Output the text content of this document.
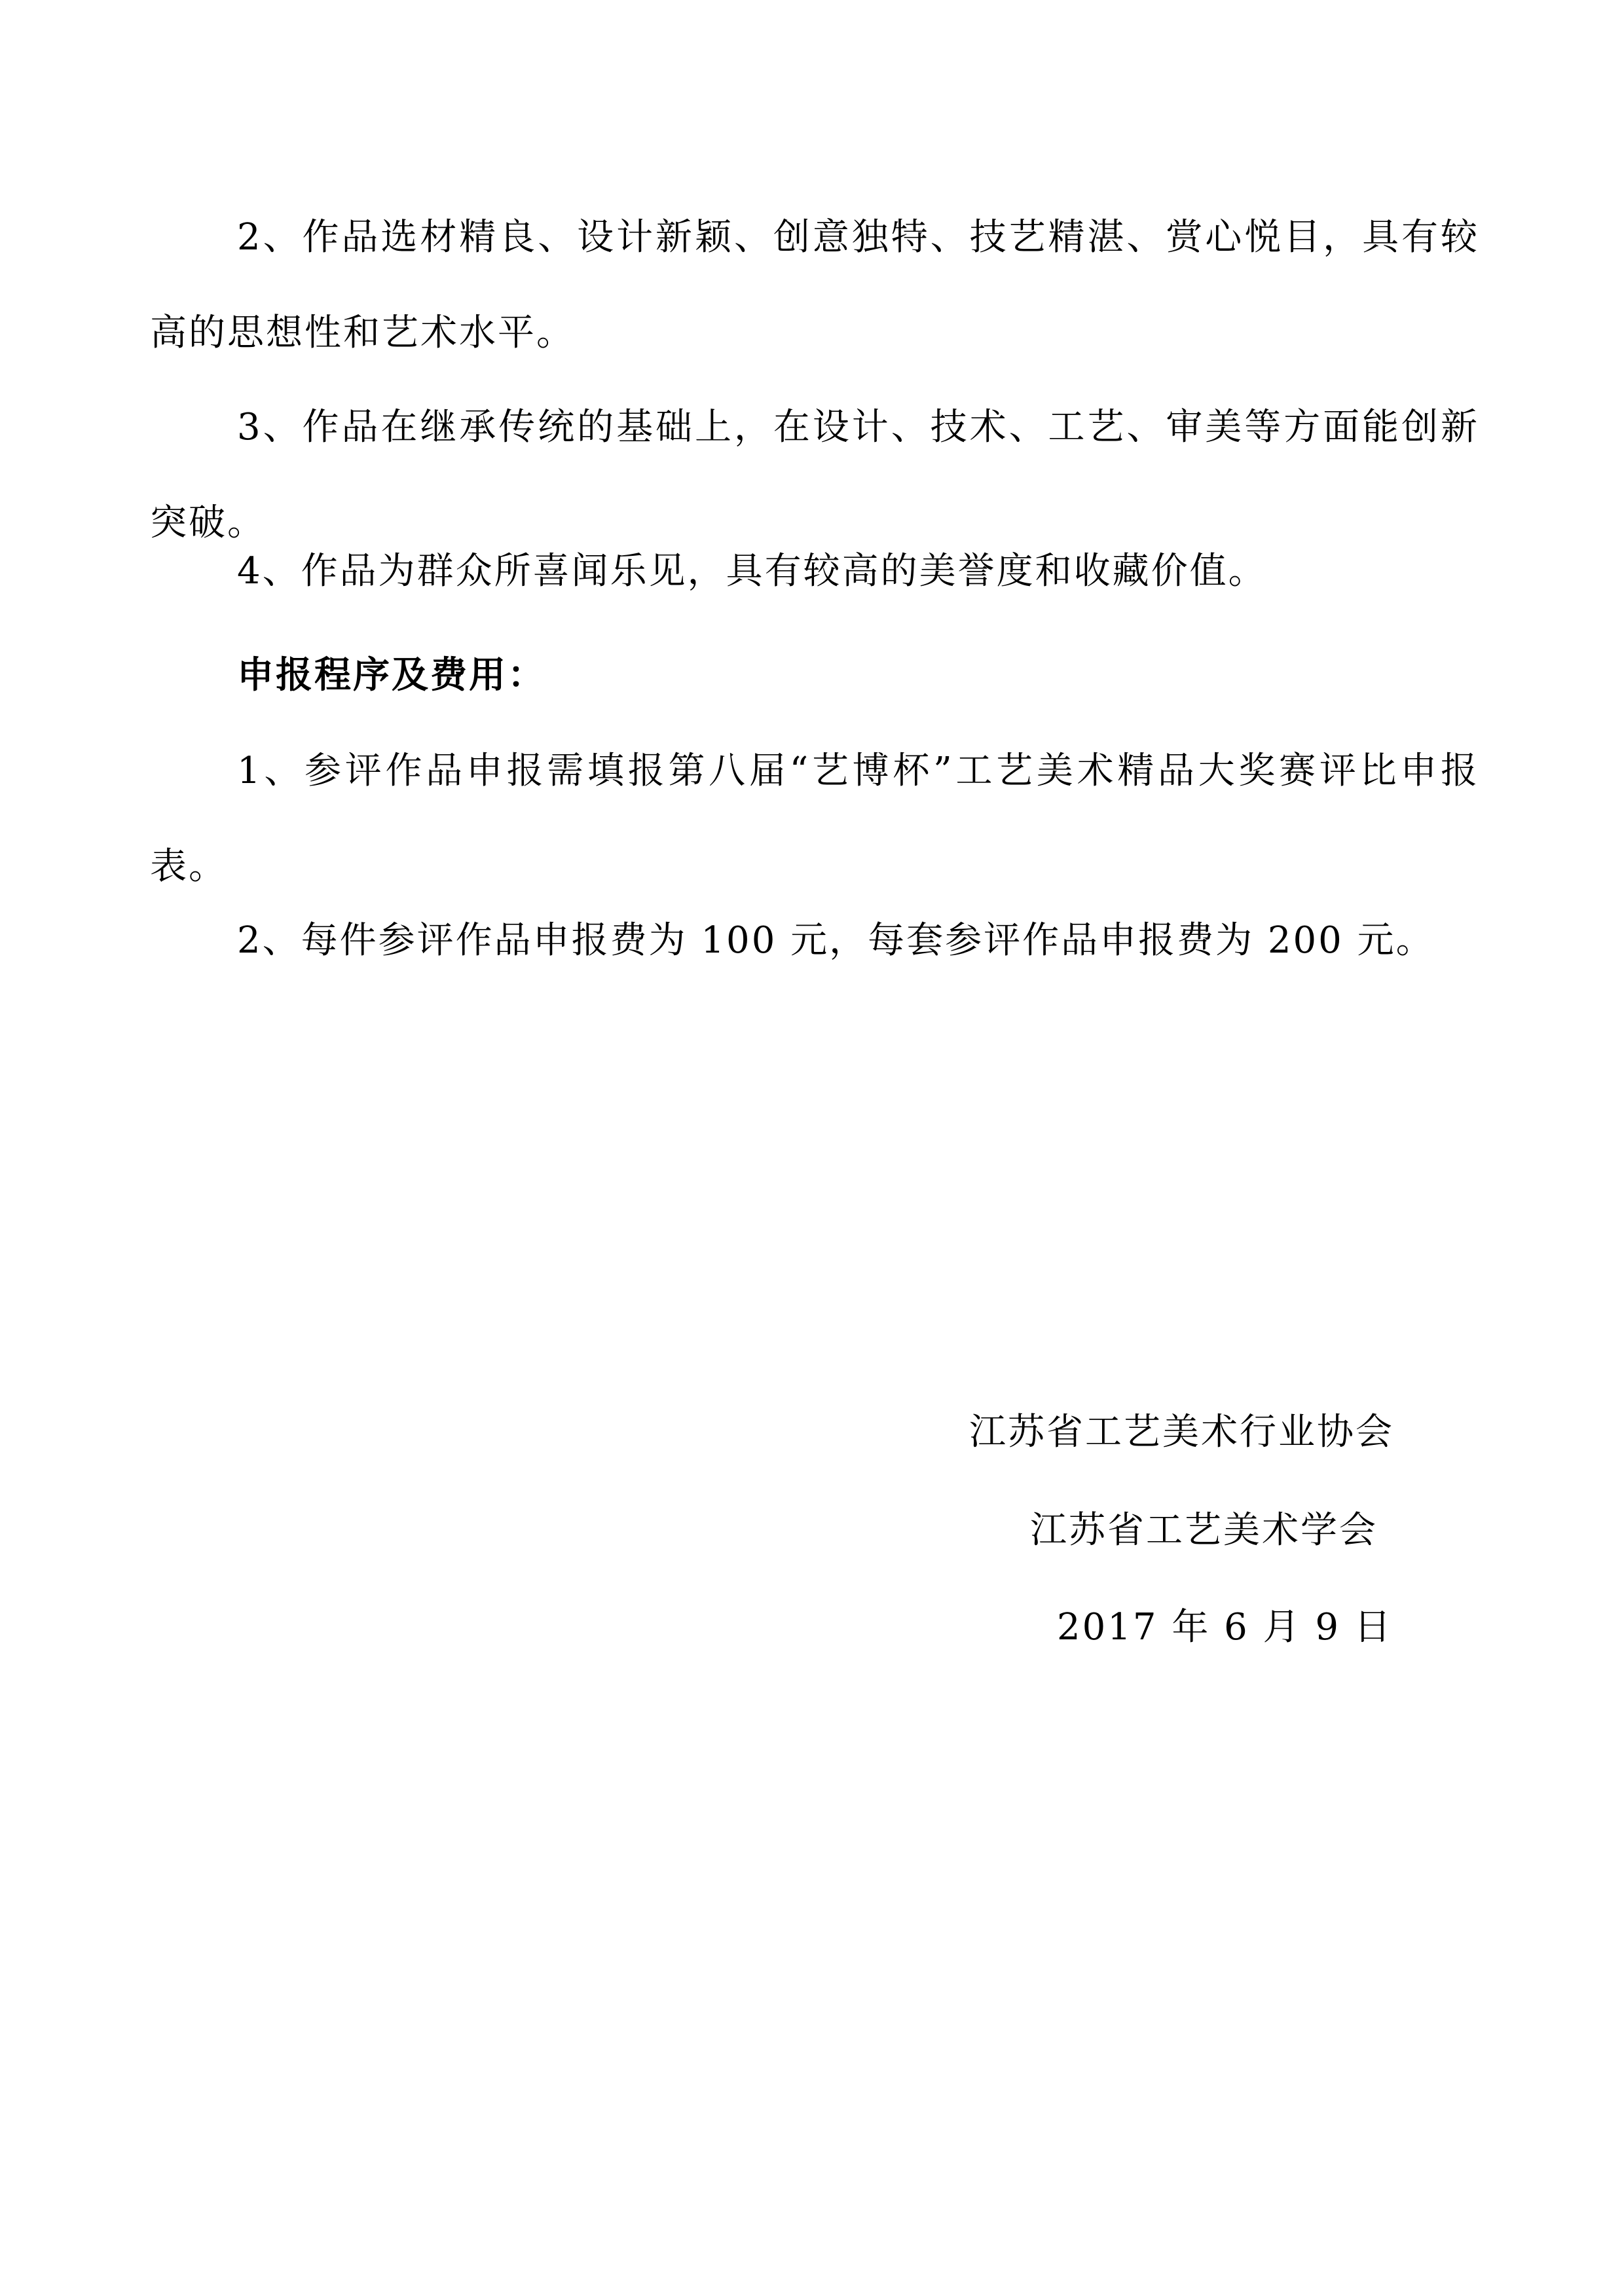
2、作品选材精良、设计新颖、创意独特、技艺精湛、赏心悦目，具有较高的思想性和艺术水平。

3、作品在继承传统的基础上，在设计、技术、工艺、审美等方面能创新突破。

4、作品为群众所喜闻乐见，具有较高的美誉度和收藏价值。

申报程序及费用：

1、参评作品申报需填报第八届“艺博杯”工艺美术精品大奖赛评比申报表。

2、每件参评作品申报费为 100 元，每套参评作品申报费为 200 元。

江苏省工艺美术行业协会

江苏省工艺美术学会

2017 年 6 月 9 日
